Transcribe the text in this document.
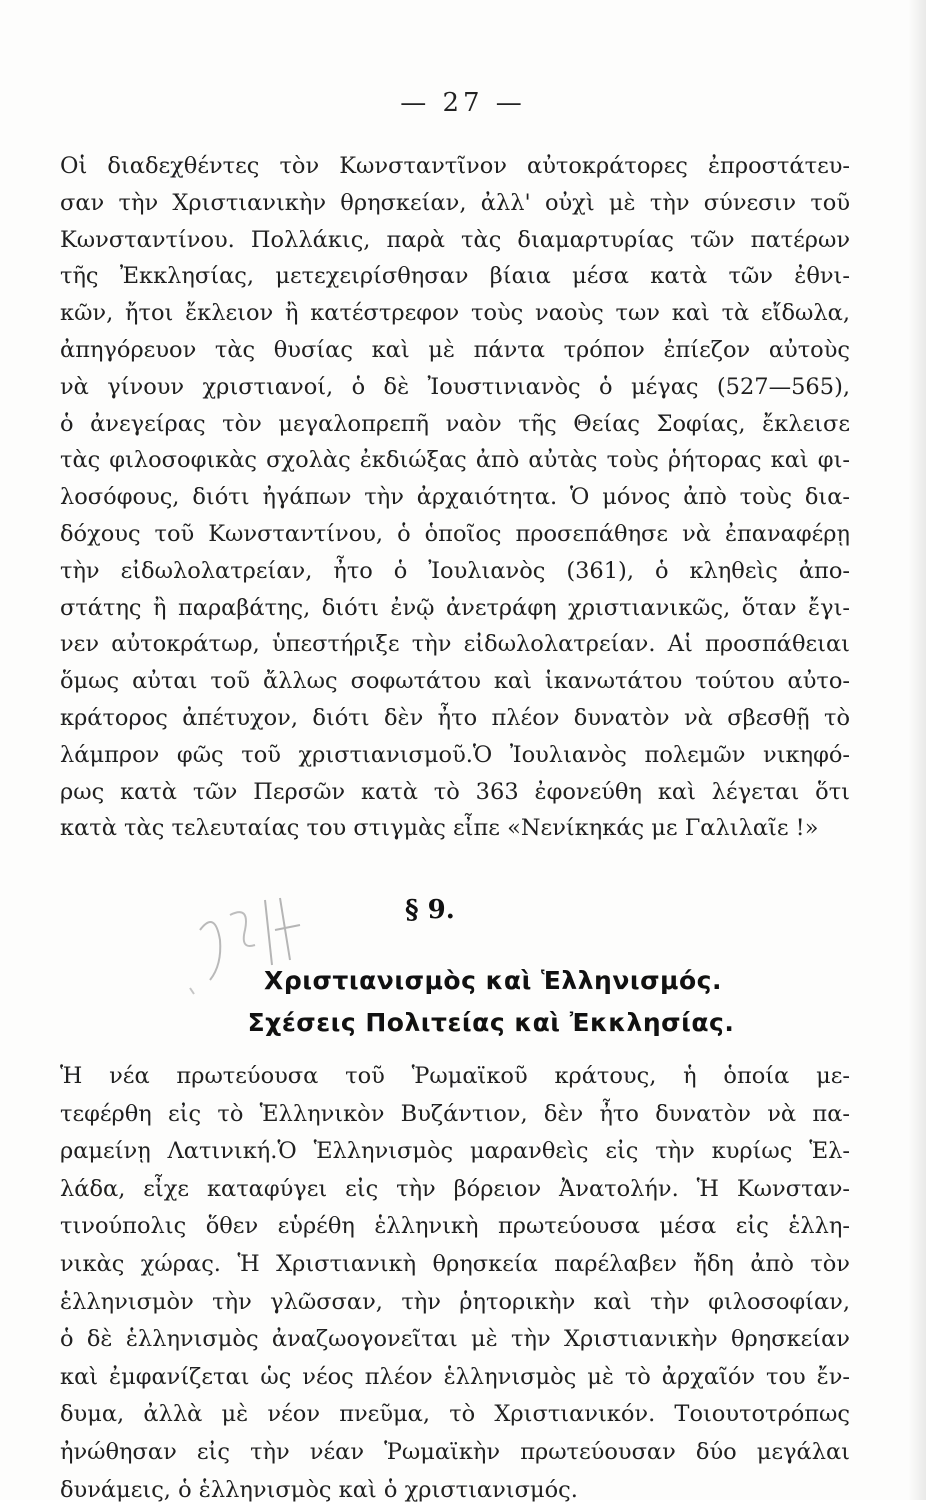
— 27 —
Οἱ διαδεχθέντες τὸν Κωνσταντῖνον αὐτοκράτορες ἐπροστάτευ-
σαν τὴν Χριστιανικὴν θρησκείαν, ἀλλ' οὐχὶ μὲ τὴν σύνεσιν τοῦ
Κωνσταντίνου. Πολλάκις, παρὰ τὰς διαμαρτυρίας τῶν πατέρων
τῆς Ἐκκλησίας, μετεχειρίσθησαν βίαια μέσα κατὰ τῶν ἐθνι-
κῶν, ἤτοι ἔκλειον ἢ κατέστρεφον τοὺς ναοὺς των καὶ τὰ εἴδωλα,
ἀπηγόρευον τὰς θυσίας καὶ μὲ πάντα τρόπον ἐπίεζον αὐτοὺς
νὰ γίνουν χριστιανοί, ὁ δὲ Ἰουστινιανὸς ὁ μέγας (527—565),
ὁ ἀνεγείρας τὸν μεγαλοπρεπῆ ναὸν τῆς Θείας Σοφίας, ἔκλεισε
τὰς φιλοσοφικὰς σχολὰς ἐκδιώξας ἀπὸ αὐτὰς τοὺς ῥήτορας καὶ φι-
λοσόφους, διότι ἠγάπων τὴν ἀρχαιότητα. Ὁ μόνος ἀπὸ τοὺς δια-
δόχους τοῦ Κωνσταντίνου, ὁ ὁποῖος προσεπάθησε νὰ ἐπαναφέρῃ
τὴν εἰδωλολατρείαν, ἦτο ὁ Ἰουλιανὸς (361), ὁ κληθεὶς ἀπο-
στάτης ἢ παραβάτης, διότι ἐνῷ ἀνετράφη χριστιανικῶς, ὅταν ἔγι-
νεν αὐτοκράτωρ, ὑπεστήριξε τὴν εἰδωλολατρείαν. Αἱ προσπάθειαι
ὅμως αὐται τοῦ ἄλλως σοφωτάτου καὶ ἱκανωτάτου τούτου αὐτο-
κράτορος ἀπέτυχον, διότι δὲν ἦτο πλέον δυνατὸν νὰ σβεσθῇ τὸ
λάμπρον φῶς τοῦ χριστιανισμοῦ.Ὁ Ἰουλιανὸς πολεμῶν νικηφό-
ρως κατὰ τῶν Περσῶν κατὰ τὸ 363 ἐφονεύθη καὶ λέγεται ὅτι
κατὰ τὰς τελευταίας του στιγμὰς εἶπε «Νενίκηκάς με Γαλιλαῖε !»
§ 9.
Χριστιανισμὸς καὶ Ἑλληνισμός.
Σχέσεις Πολιτείας καὶ Ἐκκλησίας.
Ἡ νέα πρωτεύουσα τοῦ Ῥωμαϊκοῦ κράτους, ἡ ὁποία με-
τεφέρθη εἰς τὸ Ἑλληνικὸν Βυζάντιον, δὲν ἦτο δυνατὸν νὰ πα-
ραμείνῃ Λατινική.Ὁ Ἑλληνισμὸς μαρανθεὶς εἰς τὴν κυρίως Ἑλ-
λάδα, εἶχε καταφύγει εἰς τὴν βόρειον Ἀνατολήν. Ἡ Κωνσταν-
τινούπολις ὅθεν εὑρέθη ἑλληνικὴ πρωτεύουσα μέσα εἰς ἑλλη-
νικὰς χώρας. Ἡ Χριστιανικὴ θρησκεία παρέλαβεν ἤδη ἀπὸ τὸν
ἑλληνισμὸν τὴν γλῶσσαν, τὴν ῥητορικὴν καὶ τὴν φιλοσοφίαν,
ὁ δὲ ἑλληνισμὸς ἀναζωογονεῖται μὲ τὴν Χριστιανικὴν θρησκείαν
καὶ ἐμφανίζεται ὡς νέος πλέον ἑλληνισμὸς μὲ τὸ ἀρχαῖόν του ἔν-
δυμα, ἀλλὰ μὲ νέον πνεῦμα, τὸ Χριστιανικόν. Τοιουτοτρόπως
ἠνώθησαν εἰς τὴν νέαν Ῥωμαϊκὴν πρωτεύουσαν δύο μεγάλαι
δυνάμεις, ὁ ἑλληνισμὸς καὶ ὁ χριστιανισμός.
